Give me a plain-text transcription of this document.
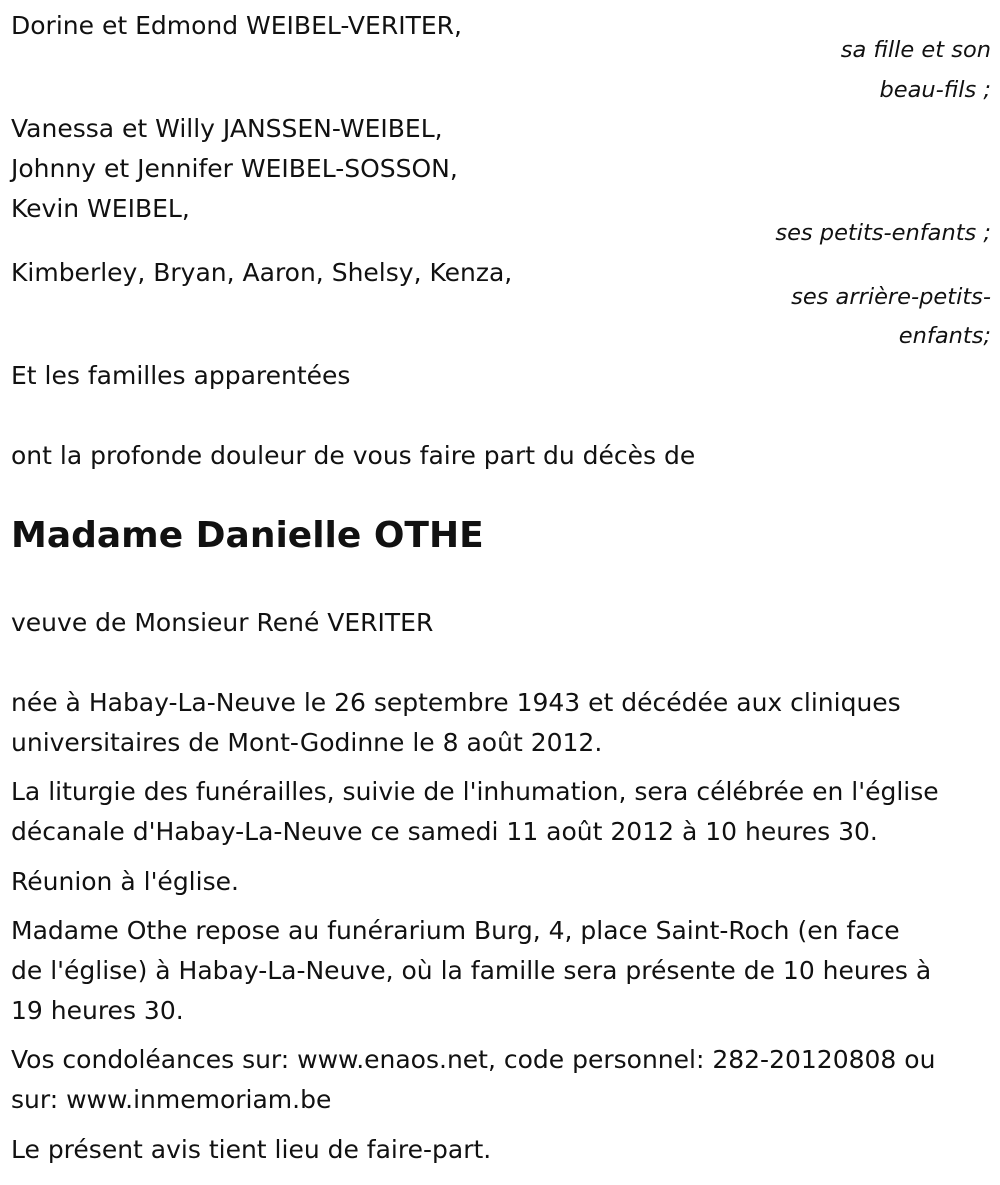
Dorine et Edmond WEIBEL-VERITER,
sa fille et son
beau-fils ;
Vanessa et Willy JANSSEN-WEIBEL,
Johnny et Jennifer WEIBEL-SOSSON,
Kevin WEIBEL,
ses petits-enfants ;
Kimberley, Bryan, Aaron, Shelsy, Kenza,
ses arrière-petits-
enfants;
Et les familles apparentées
ont la profonde douleur de vous faire part du décès de
Madame Danielle OTHE
veuve de Monsieur René VERITER
née à Habay-La-Neuve le 26 septembre 1943 et décédée aux cliniques
universitaires de Mont-Godinne le 8 août 2012.
La liturgie des funérailles, suivie de l'inhumation, sera célébrée en l'église
décanale d'Habay-La-Neuve ce samedi 11 août 2012 à 10 heures 30.
Réunion à l'église.
Madame Othe repose au funérarium Burg, 4, place Saint-Roch (en face
de l'église) à Habay-La-Neuve, où la famille sera présente de 10 heures à
19 heures 30.
Vos condoléances sur: www.enaos.net, code personnel: 282-20120808 ou
sur: www.inmemoriam.be
Le présent avis tient lieu de faire-part.
